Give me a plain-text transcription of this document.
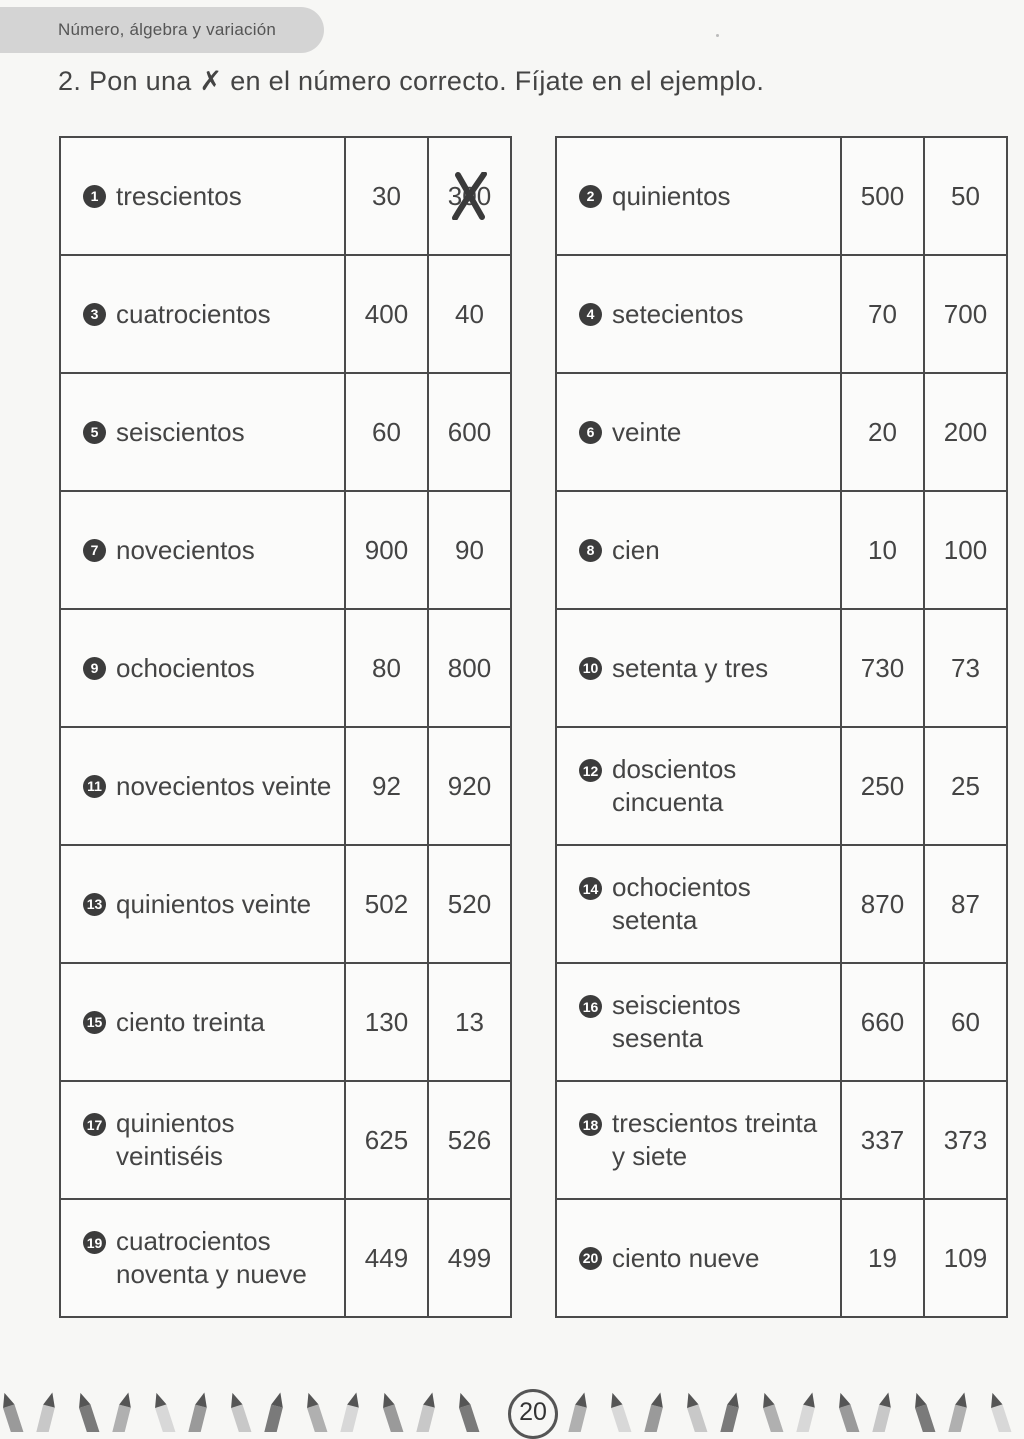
Número, álgebra y variación
2. Pon una ✗ en el número correcto. Fíjate en el ejemplo.
1 trescientos	30	300

3 cuatrocientos	400	40

5 seiscientos	60	600

7 novecientos	900	90

9 ochocientos	80	800

11 novecientos veinte	92	920

13 quinientos veinte	502	520

15 ciento treinta	130	13

17 quinientos
veintiséis	625	526

19 cuatrocientos
noventa y nueve	449	499
2 quinientos	500	50

4 setecientos	70	700

6 veinte	20	200

8 cien	10	100

10 setenta y tres	730	73

12 doscientos
cincuenta	250	25

14 ochocientos
setenta	870	87

16 seiscientos
sesenta	660	60

18 trescientos treinta
y siete	337	373

20 ciento nueve	19	109
20
